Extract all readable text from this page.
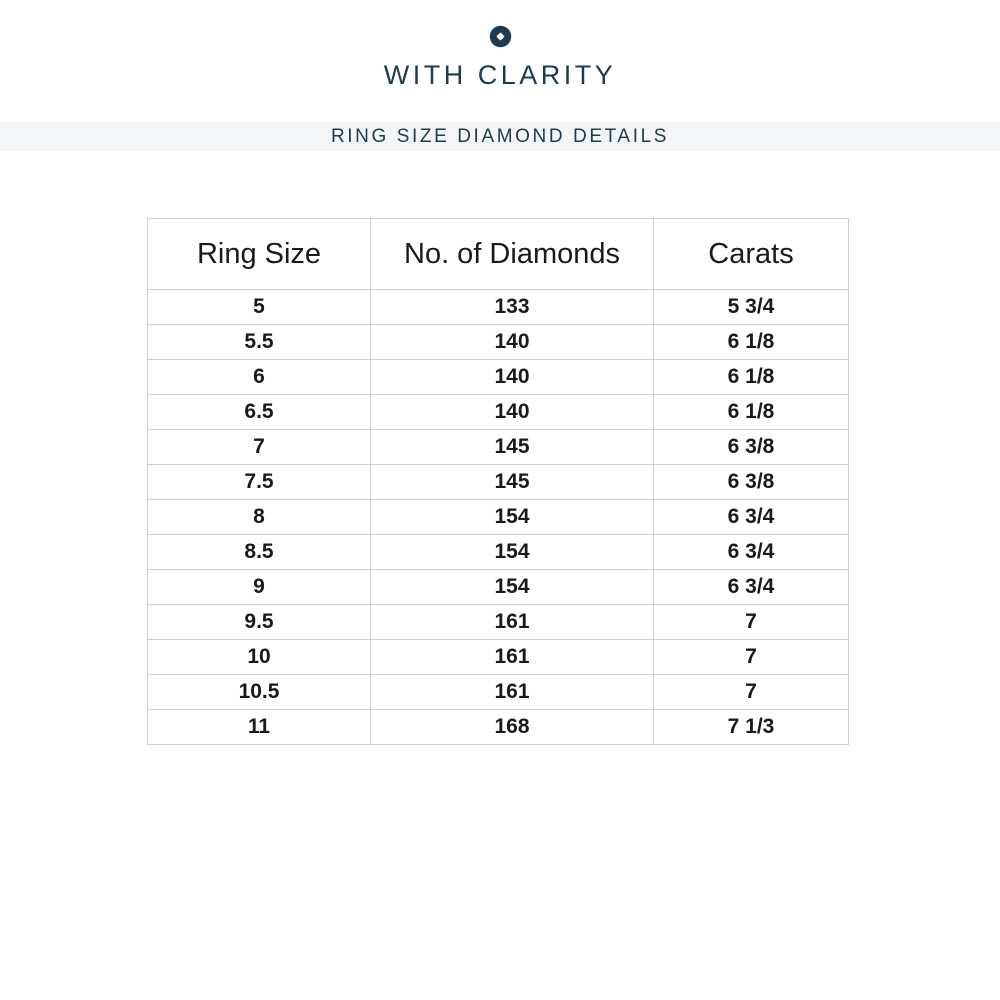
WITH CLARITY
RING SIZE DIAMOND DETAILS
Ring Size	No. of Diamonds	Carats
5	133	5 3/4
5.5	140	6 1/8
6	140	6 1/8
6.5	140	6 1/8
7	145	6 3/8
7.5	145	6 3/8
8	154	6 3/4
8.5	154	6 3/4
9	154	6 3/4
9.5	161	7
10	161	7
10.5	161	7
11	168	7 1/3
